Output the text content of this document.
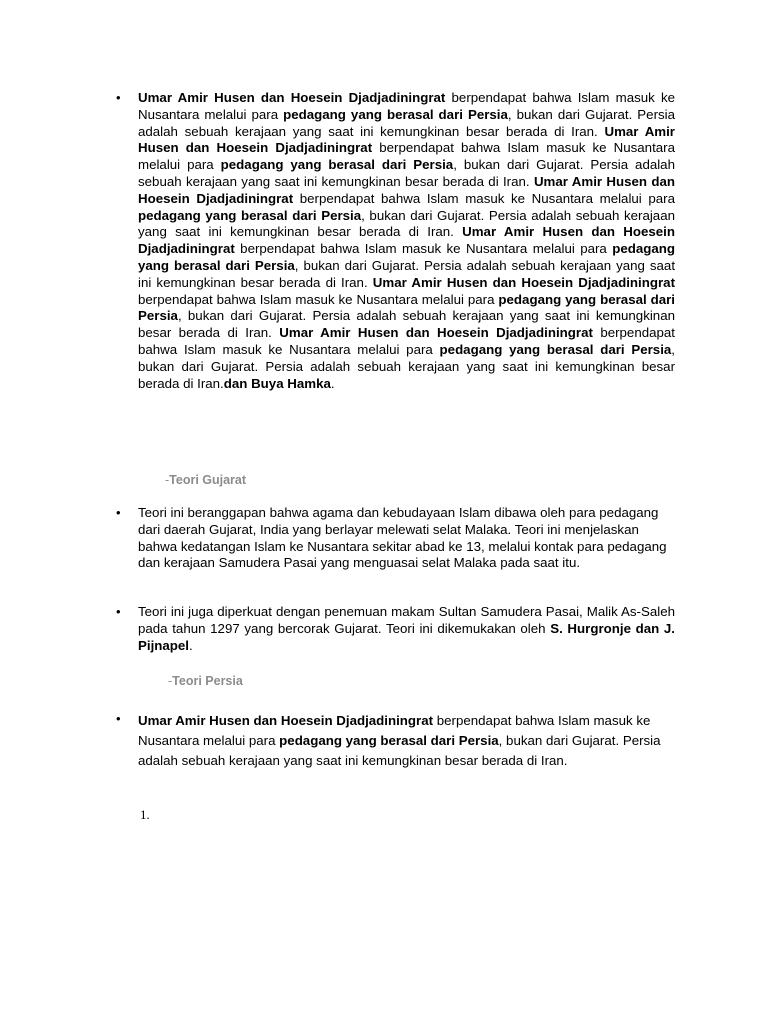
• Umar Amir Husen dan Hoesein Djadjadiningrat berpendapat bahwa Islam masuk ke Nusantara melalui para pedagang yang berasal dari Persia, bukan dari Gujarat. Persia adalah sebuah kerajaan yang saat ini kemungkinan besar berada di Iran. Umar Amir Husen dan Hoesein Djadjadiningrat berpendapat bahwa Islam masuk ke Nusantara melalui para pedagang yang berasal dari Persia, bukan dari Gujarat. Persia adalah sebuah kerajaan yang saat ini kemungkinan besar berada di Iran. Umar Amir Husen dan Hoesein Djadjadiningrat berpendapat bahwa Islam masuk ke Nusantara melalui para pedagang yang berasal dari Persia, bukan dari Gujarat. Persia adalah sebuah kerajaan yang saat ini kemungkinan besar berada di Iran. Umar Amir Husen dan Hoesein Djadjadiningrat berpendapat bahwa Islam masuk ke Nusantara melalui para pedagang yang berasal dari Persia, bukan dari Gujarat. Persia adalah sebuah kerajaan yang saat ini kemungkinan besar berada di Iran. Umar Amir Husen dan Hoesein Djadjadiningrat berpendapat bahwa Islam masuk ke Nusantara melalui para pedagang yang berasal dari Persia, bukan dari Gujarat. Persia adalah sebuah kerajaan yang saat ini kemungkinan besar berada di Iran. Umar Amir Husen dan Hoesein Djadjadiningrat berpendapat bahwa Islam masuk ke Nusantara melalui para pedagang yang berasal dari Persia, bukan dari Gujarat. Persia adalah sebuah kerajaan yang saat ini kemungkinan besar berada di Iran.dan Buya Hamka.

-Teori Gujarat
• Teori ini beranggapan bahwa agama dan kebudayaan Islam dibawa oleh para pedagang dari daerah Gujarat, India yang berlayar melewati selat Malaka. Teori ini menjelaskan bahwa kedatangan Islam ke Nusantara sekitar abad ke 13, melalui kontak para pedagang dan kerajaan Samudera Pasai yang menguasai selat Malaka pada saat itu.

• Teori ini juga diperkuat dengan penemuan makam Sultan Samudera Pasai, Malik As-Saleh pada tahun 1297 yang bercorak Gujarat. Teori ini dikemukakan oleh S. Hurgronje dan J. Pijnapel.

-Teori Persia
• Umar Amir Husen dan Hoesein Djadjadiningrat berpendapat bahwa Islam masuk ke Nusantara melalui para pedagang yang berasal dari Persia, bukan dari Gujarat. Persia adalah sebuah kerajaan yang saat ini kemungkinan besar berada di Iran.

1.
